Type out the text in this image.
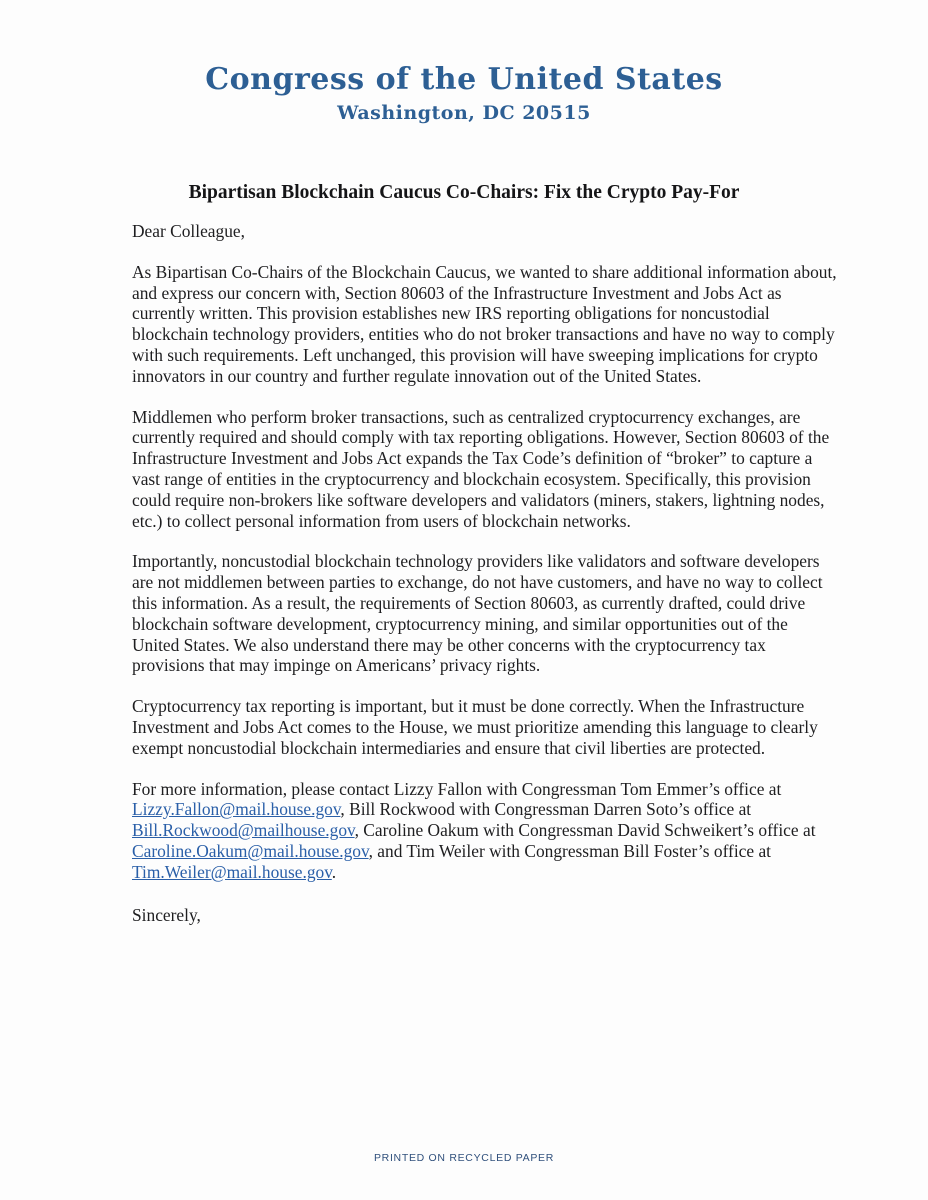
Congress of the United States
Washington, DC 20515
Bipartisan Blockchain Caucus Co-Chairs: Fix the Crypto Pay-For
Dear Colleague,

As Bipartisan Co-Chairs of the Blockchain Caucus, we wanted to share additional information about, and express our concern with, Section 80603 of the Infrastructure Investment and Jobs Act as currently written. This provision establishes new IRS reporting obligations for noncustodial blockchain technology providers, entities who do not broker transactions and have no way to comply with such requirements. Left unchanged, this provision will have sweeping implications for crypto innovators in our country and further regulate innovation out of the United States.

Middlemen who perform broker transactions, such as centralized cryptocurrency exchanges, are currently required and should comply with tax reporting obligations. However, Section 80603 of the Infrastructure Investment and Jobs Act expands the Tax Code’s definition of “broker” to capture a vast range of entities in the cryptocurrency and blockchain ecosystem. Specifically, this provision could require non-brokers like software developers and validators (miners, stakers, lightning nodes, etc.) to collect personal information from users of blockchain networks.

Importantly, noncustodial blockchain technology providers like validators and software developers are not middlemen between parties to exchange, do not have customers, and have no way to collect this information. As a result, the requirements of Section 80603, as currently drafted, could drive blockchain software development, cryptocurrency mining, and similar opportunities out of the United States. We also understand there may be other concerns with the cryptocurrency tax provisions that may impinge on Americans’ privacy rights.

Cryptocurrency tax reporting is important, but it must be done correctly. When the Infrastructure Investment and Jobs Act comes to the House, we must prioritize amending this language to clearly exempt noncustodial blockchain intermediaries and ensure that civil liberties are protected.

For more information, please contact Lizzy Fallon with Congressman Tom Emmer’s office at Lizzy.Fallon@mail.house.gov, Bill Rockwood with Congressman Darren Soto’s office at Bill.Rockwood@mailhouse.gov, Caroline Oakum with Congressman David Schweikert’s office at Caroline.Oakum@mail.house.gov, and Tim Weiler with Congressman Bill Foster’s office at Tim.Weiler@mail.house.gov.

Sincerely,
PRINTED ON RECYCLED PAPER
